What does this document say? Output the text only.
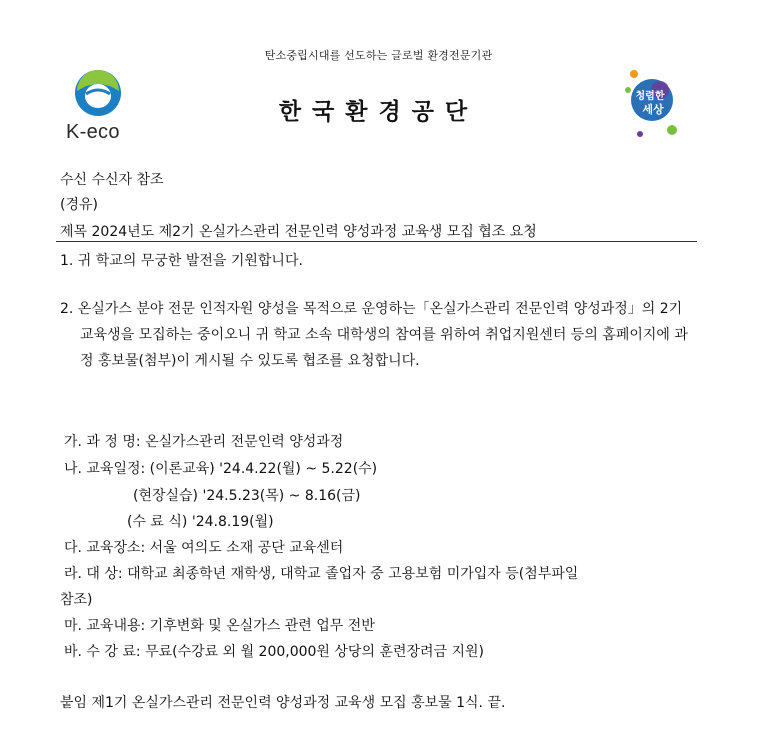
탄소중립시대를 선도하는 글로벌 환경전문기관
한국환경공단
K-eco
청렴한
세상
수신 수신자 참조
(경유)
제목 2024년도 제2기 온실가스관리 전문인력 양성과정 교육생 모집 협조 요청
1. 귀 학교의 무궁한 발전을 기원합니다.
2. 온실가스 분야 전문 인적자원 양성을 목적으로 운영하는「온실가스관리 전문인력 양성과정」의 2기 교육생을 모집하는 중이오니 귀 학교 소속 대학생의 참여를 위하여 취업지원센터 등의 홈페이지에 과정 홍보물(첨부)이 게시될 수 있도록 협조를 요청합니다.
가. 과 정 명: 온실가스관리 전문인력 양성과정
나. 교육일정: (이론교육) '24.4.22(월) ~ 5.22(수)
(현장실습) '24.5.23(목) ~ 8.16(금)
(수 료 식) '24.8.19(월)
다. 교육장소: 서울 여의도 소재 공단 교육센터
라. 대 상: 대학교 최종학년 재학생, 대학교 졸업자 중 고용보험 미가입자 등(첨부파일
참조)
마. 교육내용: 기후변화 및 온실가스 관련 업무 전반
바. 수 강 료: 무료(수강료 외 월 200,000원 상당의 훈련장려금 지원)
붙임 제1기 온실가스관리 전문인력 양성과정 교육생 모집 홍보물 1식. 끝.
